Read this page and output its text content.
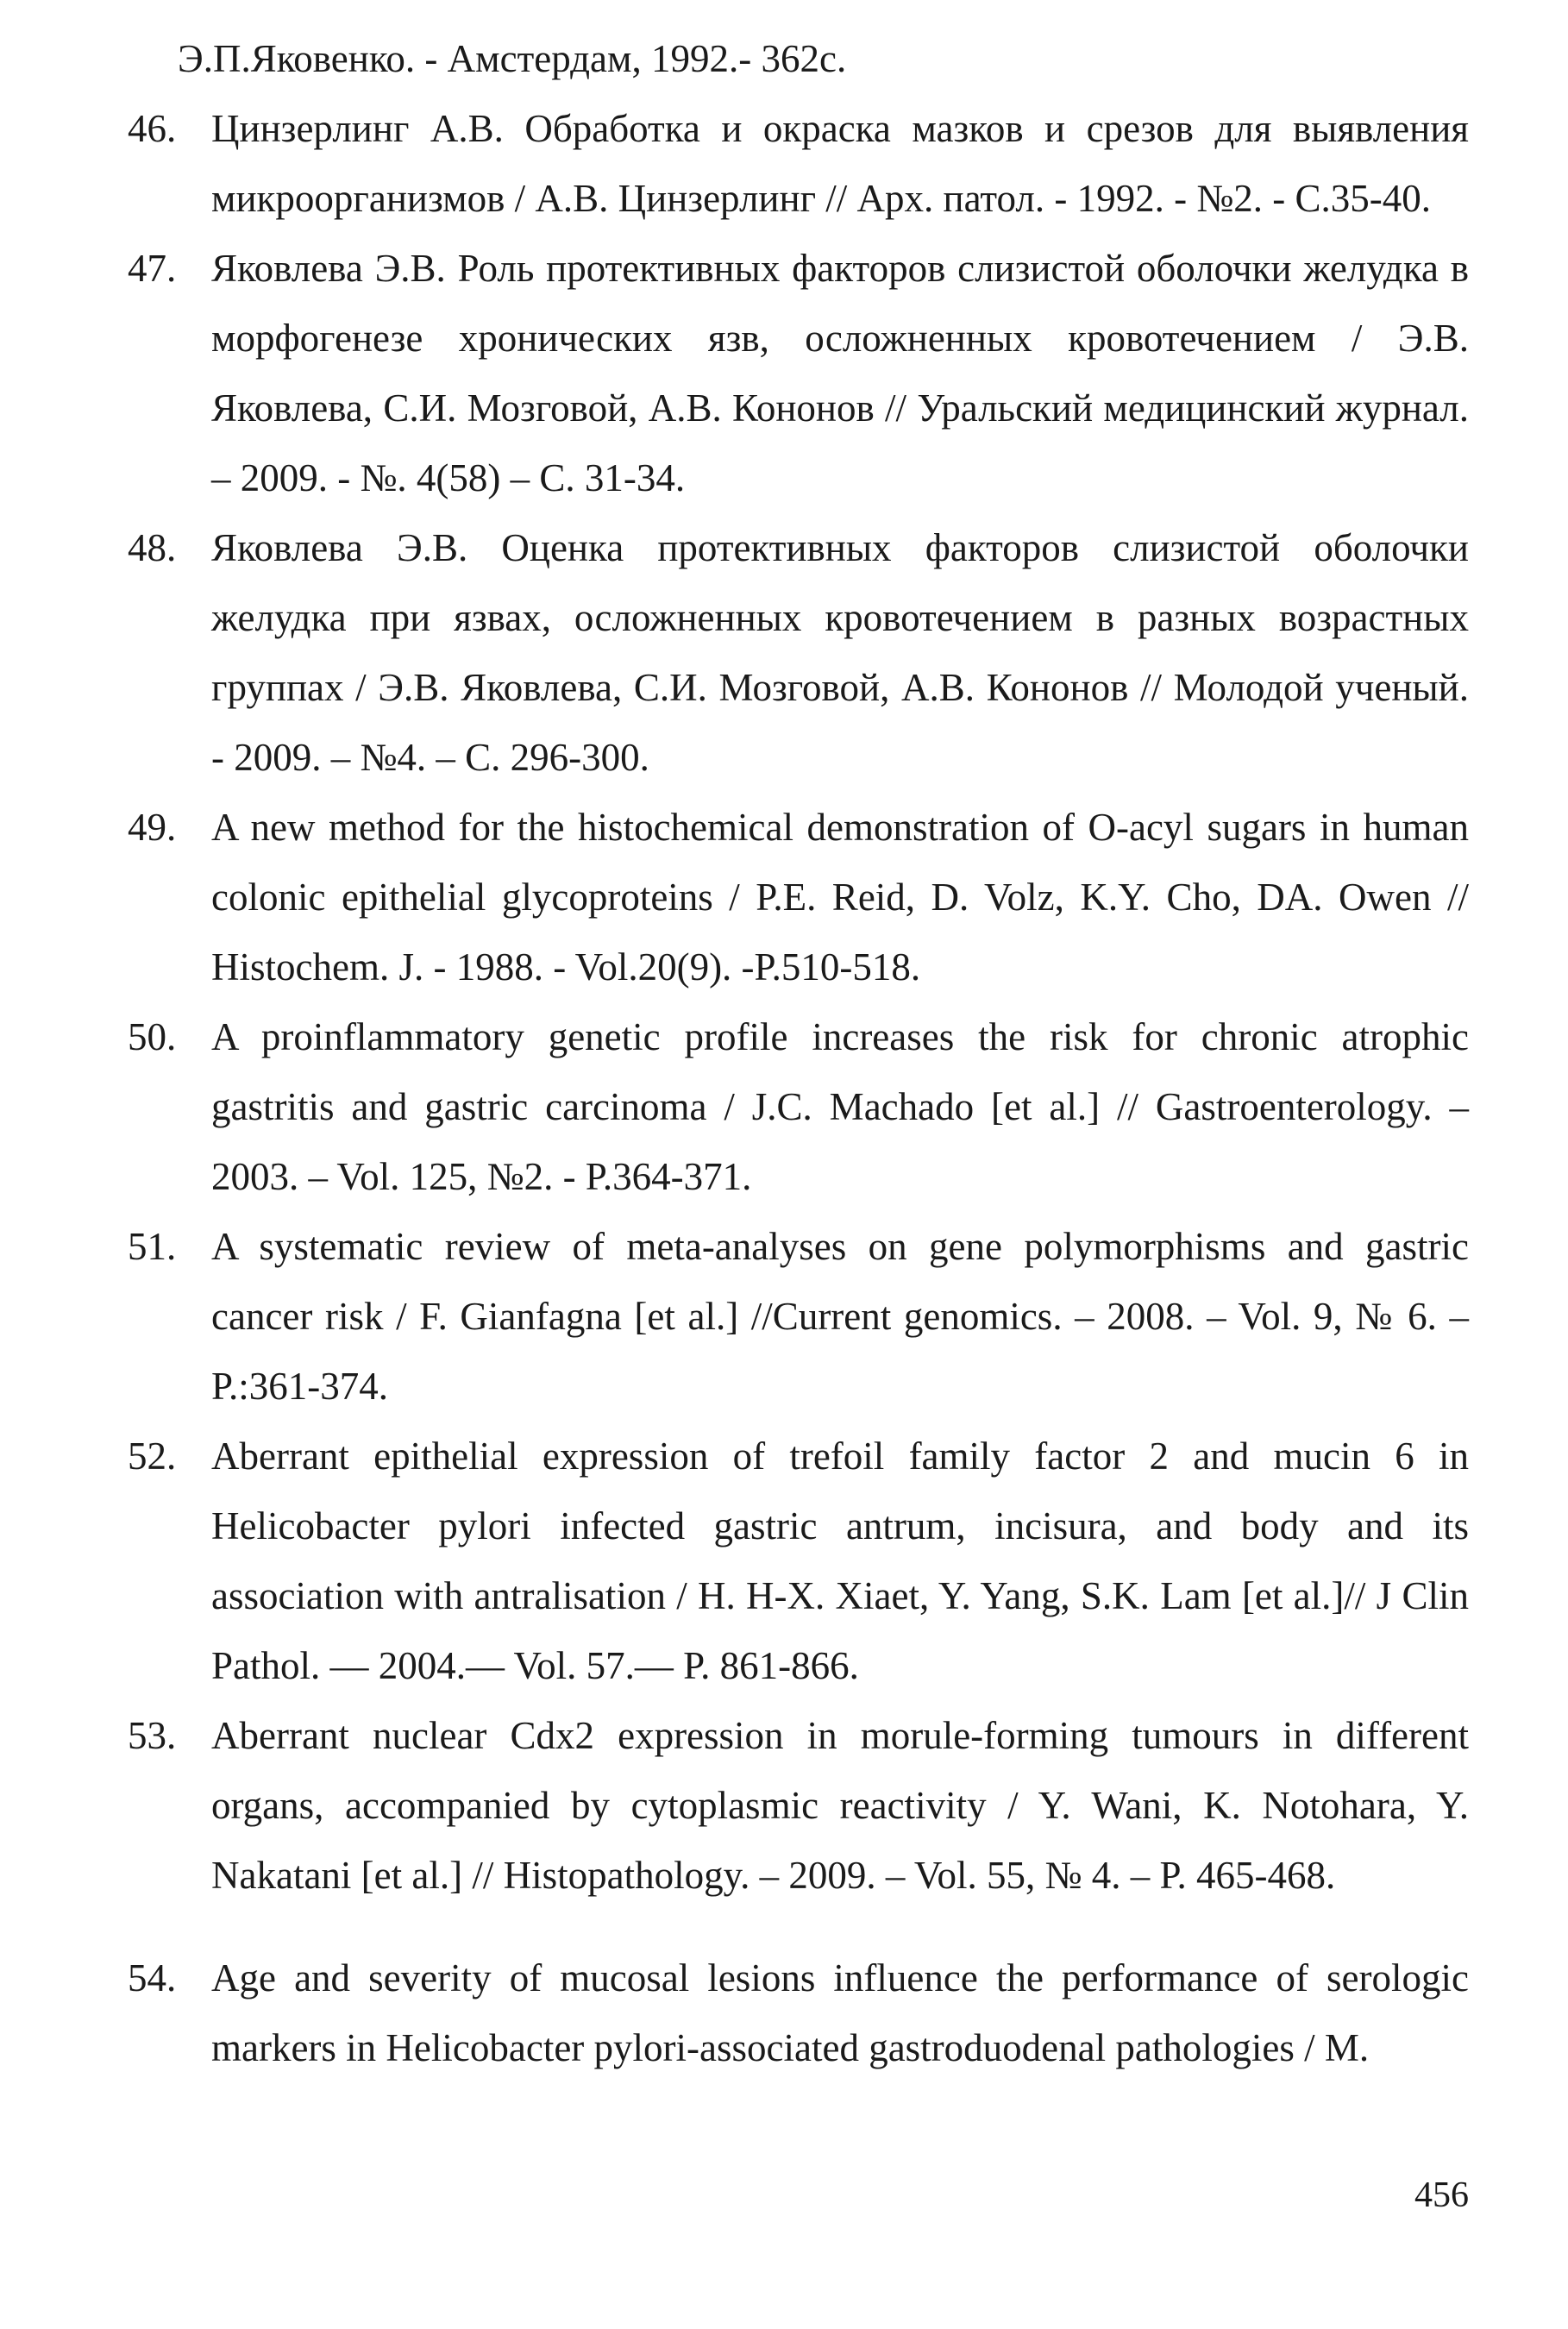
Э.П.Яковенко. - Амстердам, 1992.- 362с.
46. Цинзерлинг А.В. Обработка и окраска мазков и срезов для выявления микроорганизмов / А.В. Цинзерлинг // Арх. патол. - 1992. - №2. - С.35-40.
47. Яковлева Э.В. Роль протективных факторов слизистой оболочки желудка в морфогенезе хронических язв, осложненных кровотечением / Э.В. Яковлева, С.И. Мозговой, А.В. Кононов // Уральский медицинский журнал. – 2009. - №. 4(58) – С. 31-34.
48. Яковлева Э.В. Оценка протективных факторов слизистой оболочки желудка при язвах, осложненных кровотечением в разных возрастных группах / Э.В. Яковлева, С.И. Мозговой, А.В. Кононов // Молодой ученый. - 2009. – №4. – С. 296-300.
49. A new method for the histochemical demonstration of O-acyl sugars in human colonic epithelial glycoproteins / P.E. Reid, D. Volz, K.Y. Cho, DA. Owen // Histochem. J. - 1988. - Vol.20(9). -P.510-518.
50. A proinflammatory genetic profile increases the risk for chronic atrophic gastritis and gastric carcinoma / J.C. Machado [et al.] // Gastroenterology. – 2003. – Vol. 125, №2. - P.364-371.
51. A systematic review of meta-analyses on gene polymorphisms and gastric cancer risk / F. Gianfagna [et al.] //Current genomics. – 2008. – Vol. 9, № 6. – P.:361-374.
52. Aberrant epithelial expression of trefoil family factor 2 and mucin 6 in Helicobacter pylori infected gastric antrum, incisura, and body and its association with antralisation / H. H-X. Xiaet, Y. Yang, S.K. Lam [et al.]// J Clin Pathol. — 2004.— Vol. 57.— P. 861-866.
53. Aberrant nuclear Cdx2 expression in morule-forming tumours in different organs, accompanied by cytoplasmic reactivity / Y. Wani, K. Notohara, Y. Nakatani [et al.] // Histopathology. – 2009. – Vol. 55, № 4. – P. 465-468.
54. Age and severity of mucosal lesions influence the performance of serologic markers in Helicobacter pylori-associated gastroduodenal pathologies / M.
456
